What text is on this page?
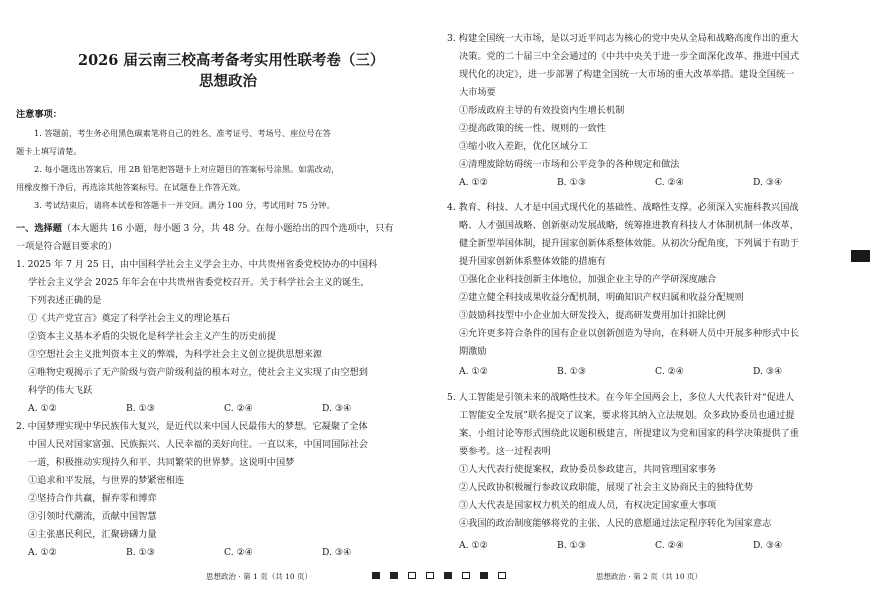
2026 届云南三校高考备考实用性联考卷（三）
思想政治
注意事项：
1. 答题前，考生务必用黑色碳素笔将自己的姓名、准考证号、考场号、座位号在答
题卡上填写清楚。
2. 每小题选出答案后，用 2B 铅笔把答题卡上对应题目的答案标号涂黑。如需改动，
用橡皮擦干净后，再选涂其他答案标号。在试题卷上作答无效。
3. 考试结束后，请将本试卷和答题卡一并交回。满分 100 分，考试用时 75 分钟。
一、选择题（本大题共 16 小题，每小题 3 分，共 48 分。在每小题给出的四个选项中，只有
一项是符合题目要求的）
1. 2025 年 7 月 25 日，由中国科学社会主义学会主办、中共贵州省委党校协办的中国科
学社会主义学会 2025 年年会在中共贵州省委党校召开。关于科学社会主义的诞生，
下列表述正确的是
①《共产党宣言》奠定了科学社会主义的理论基石
②资本主义基本矛盾的尖锐化是科学社会主义产生的历史前提
③空想社会主义批判资本主义的弊端，为科学社会主义创立提供思想来源
④唯物史观揭示了无产阶级与资产阶级利益的根本对立，使社会主义实现了由空想到
科学的伟大飞跃
A. ①②	B. ①③	C. ②④	D. ③④
2. 中国梦理实现中华民族伟大复兴，是近代以来中国人民最伟大的梦想。它凝聚了全体
中国人民对国家富强、民族振兴、人民幸福的美好向往。一直以来，中国同国际社会
一道，积极推动实现持久和平、共同繁荣的世界梦。这说明中国梦
①追求和平发展，与世界的梦紧密相连
②坚持合作共赢，摒弃零和博弈
③引领时代潮流，贡献中国智慧
④主张惠民利民，汇聚磅礴力量
A. ①②	B. ①③	C. ②④	D. ③④
3. 构建全国统一大市场，是以习近平同志为核心的党中央从全局和战略高度作出的重大
决策。党的二十届三中全会通过的《中共中央关于进一步全面深化改革、推进中国式
现代化的决定》，进一步部署了构建全国统一大市场的重大改革举措。建设全国统一
大市场要
①形成政府主导的有效投资内生增长机制
②提高政策的统一性、规则的一致性
③缩小收入差距，优化区域分工
④清理废除妨碍统一市场和公平竞争的各种规定和做法
A. ①②	B. ①③	C. ②④	D. ③④
4. 教育、科技、人才是中国式现代化的基础性、战略性支撑。必须深入实施科教兴国战
略、人才强国战略、创新驱动发展战略，统筹推进教育科技人才体制机制一体改革，
健全新型举国体制，提升国家创新体系整体效能。从初次分配角度，下列属于有助于
提升国家创新体系整体效能的措施有
①强化企业科技创新主体地位，加强企业主导的产学研深度融合
②建立健全科技成果收益分配机制，明确知识产权归属和收益分配规则
③鼓励科技型中小企业加大研发投入，提高研发费用加计扣除比例
④允许更多符合条件的国有企业以创新创造为导向，在科研人员中开展多种形式中长
期激励
A. ①②	B. ①③	C. ②④	D. ③④
5. 人工智能是引领未来的战略性技术。在今年全国两会上，多位人大代表针对“促进人
工智能安全发展”联名提交了议案，要求将其纳入立法规划。众多政协委员也通过提
案、小组讨论等形式围绕此议题积极建言，所提建议为党和国家的科学决策提供了重
要参考。这一过程表明
①人大代表行使提案权，政协委员参政建言，共同管理国家事务
②人民政协积极履行参政议政职能，展现了社会主义协商民主的独特优势
③人大代表是国家权力机关的组成人员，有权决定国家重大事项
④我国的政治制度能够将党的主张、人民的意愿通过法定程序转化为国家意志
A. ①②	B. ①③	C. ②④	D. ③④
思想政治 · 第 1 页（共 10 页）	思想政治 · 第 2 页（共 10 页）
